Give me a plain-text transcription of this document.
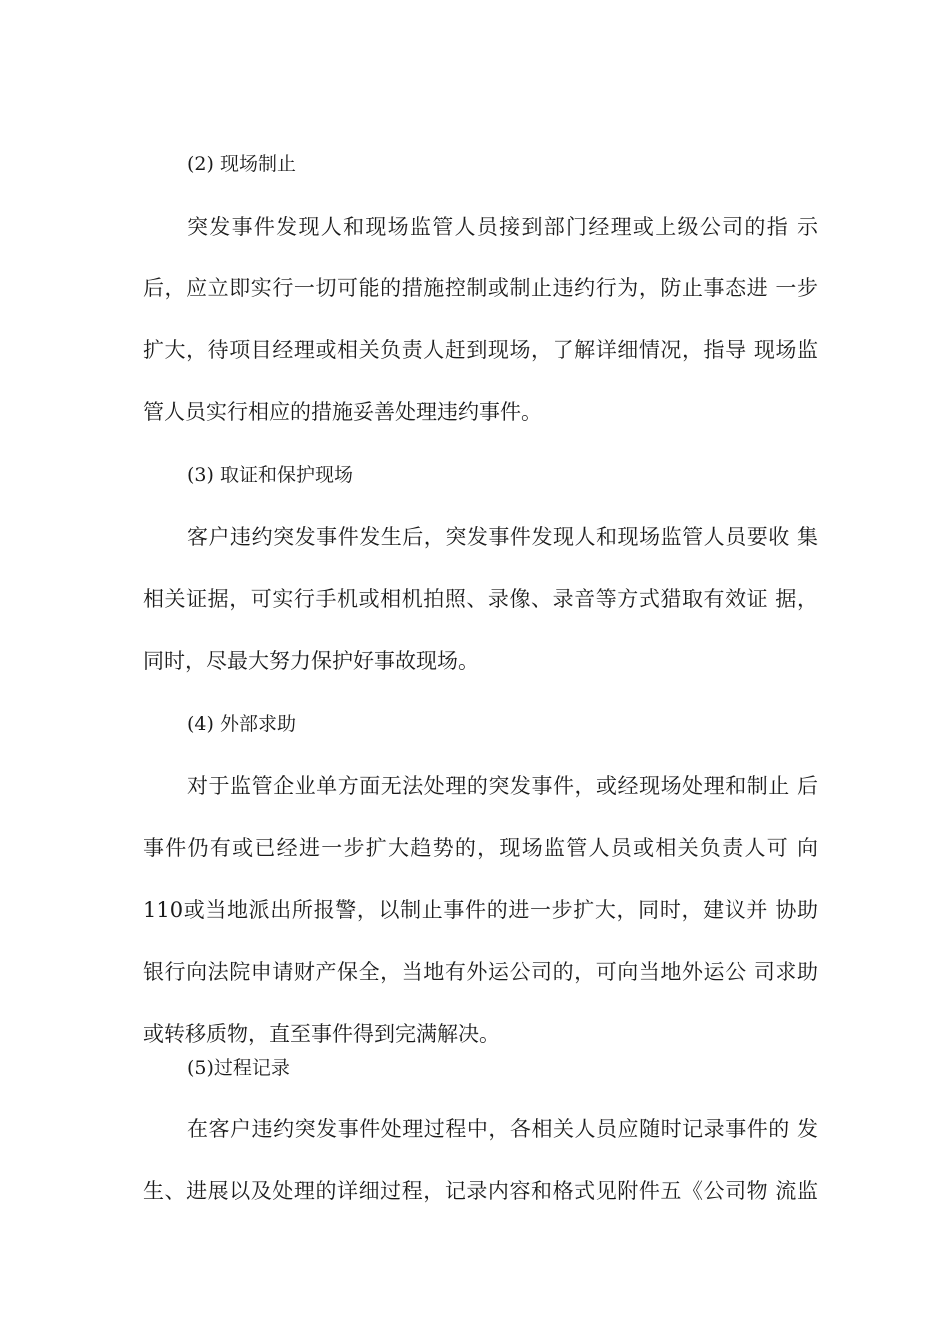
(2) 现场制止
突发事件发现人和现场监管人员接到部门经理或上级公司的指 示
后，应立即实行一切可能的措施控制或制止违约行为，防止事态进 一步
扩大，待项目经理或相关负责人赶到现场，了解详细情况，指导 现场监
管人员实行相应的措施妥善处理违约事件。
(3) 取证和保护现场
客户违约突发事件发生后，突发事件发现人和现场监管人员要收 集
相关证据，可实行手机或相机拍照、录像、录音等方式猎取有效证 据，
同时，尽最大努力保护好事故现场。
(4) 外部求助
对于监管企业单方面无法处理的突发事件，或经现场处理和制止 后
事件仍有或已经进一步扩大趋势的，现场监管人员或相关负责人可 向
110或当地派出所报警，以制止事件的进一步扩大，同时，建议并 协助
银行向法院申请财产保全，当地有外运公司的，可向当地外运公 司求助
或转移质物，直至事件得到完满解决。
(5)过程记录
在客户违约突发事件处理过程中，各相关人员应随时记录事件的 发
生、进展以及处理的详细过程，记录内容和格式见附件五《公司物 流监
